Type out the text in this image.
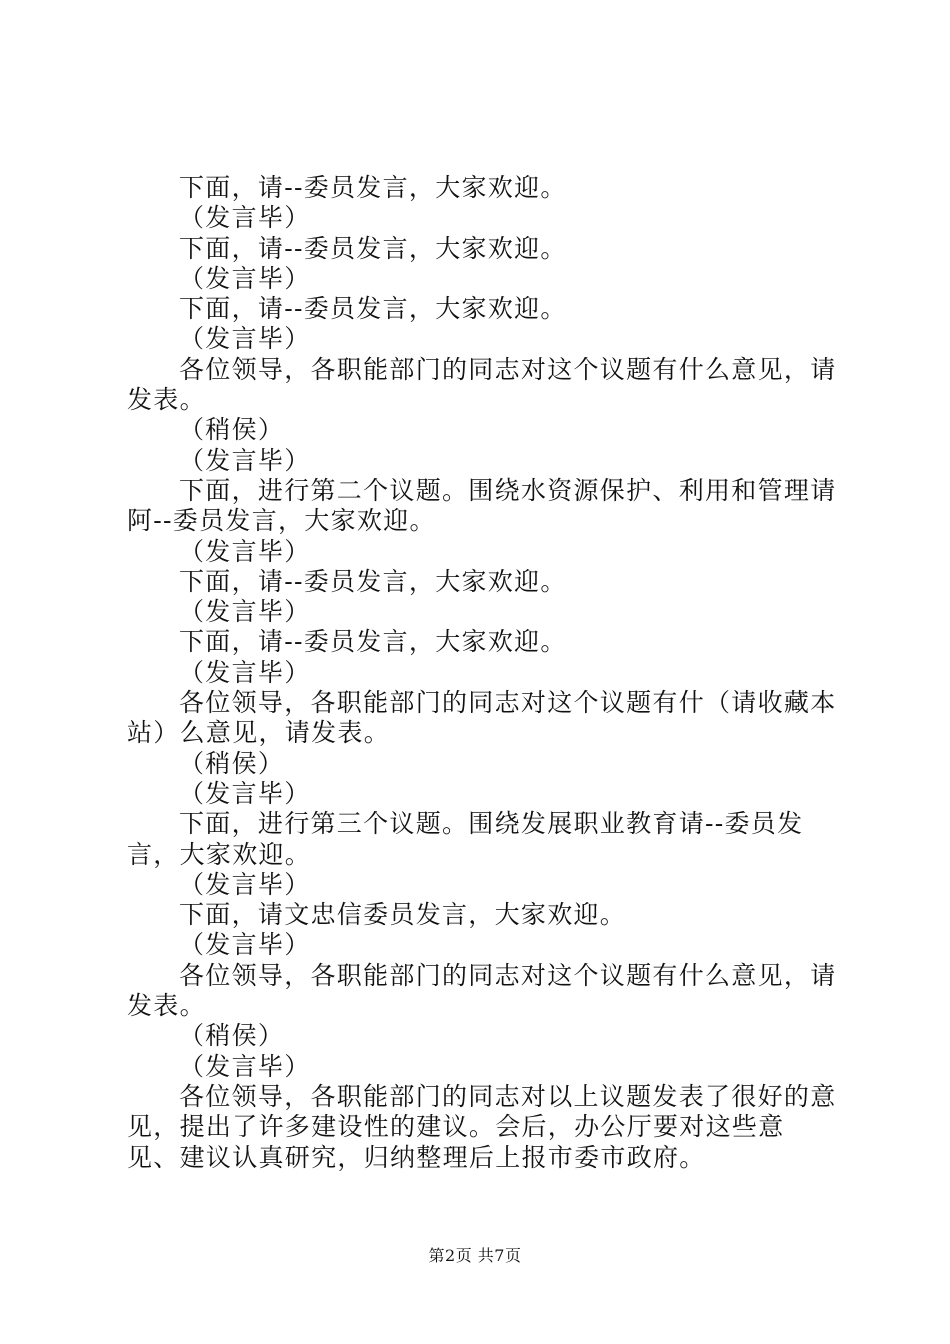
下面，请--委员发言，大家欢迎。

（发言毕）

下面，请--委员发言，大家欢迎。

（发言毕）

下面，请--委员发言，大家欢迎。

（发言毕）

各位领导，各职能部门的同志对这个议题有什么意见，请发表。

（稍侯）

（发言毕）

下面，进行第二个议题。围绕水资源保护、利用和管理请阿--委员发言，大家欢迎。

（发言毕）

下面，请--委员发言，大家欢迎。

（发言毕）

下面，请--委员发言，大家欢迎。

（发言毕）

各位领导，各职能部门的同志对这个议题有什（请收藏本站）么意见，请发表。

（稍侯）

（发言毕）

下面，进行第三个议题。围绕发展职业教育请--委员发言，大家欢迎。

（发言毕）

下面，请文忠信委员发言，大家欢迎。

（发言毕）

各位领导，各职能部门的同志对这个议题有什么意见，请发表。

（稍侯）

（发言毕）

各位领导，各职能部门的同志对以上议题发表了很好的意见，提出了许多建设性的建议。会后，办公厅要对这些意见、建议认真研究，归纳整理后上报市委市政府。

第2页 共7页
